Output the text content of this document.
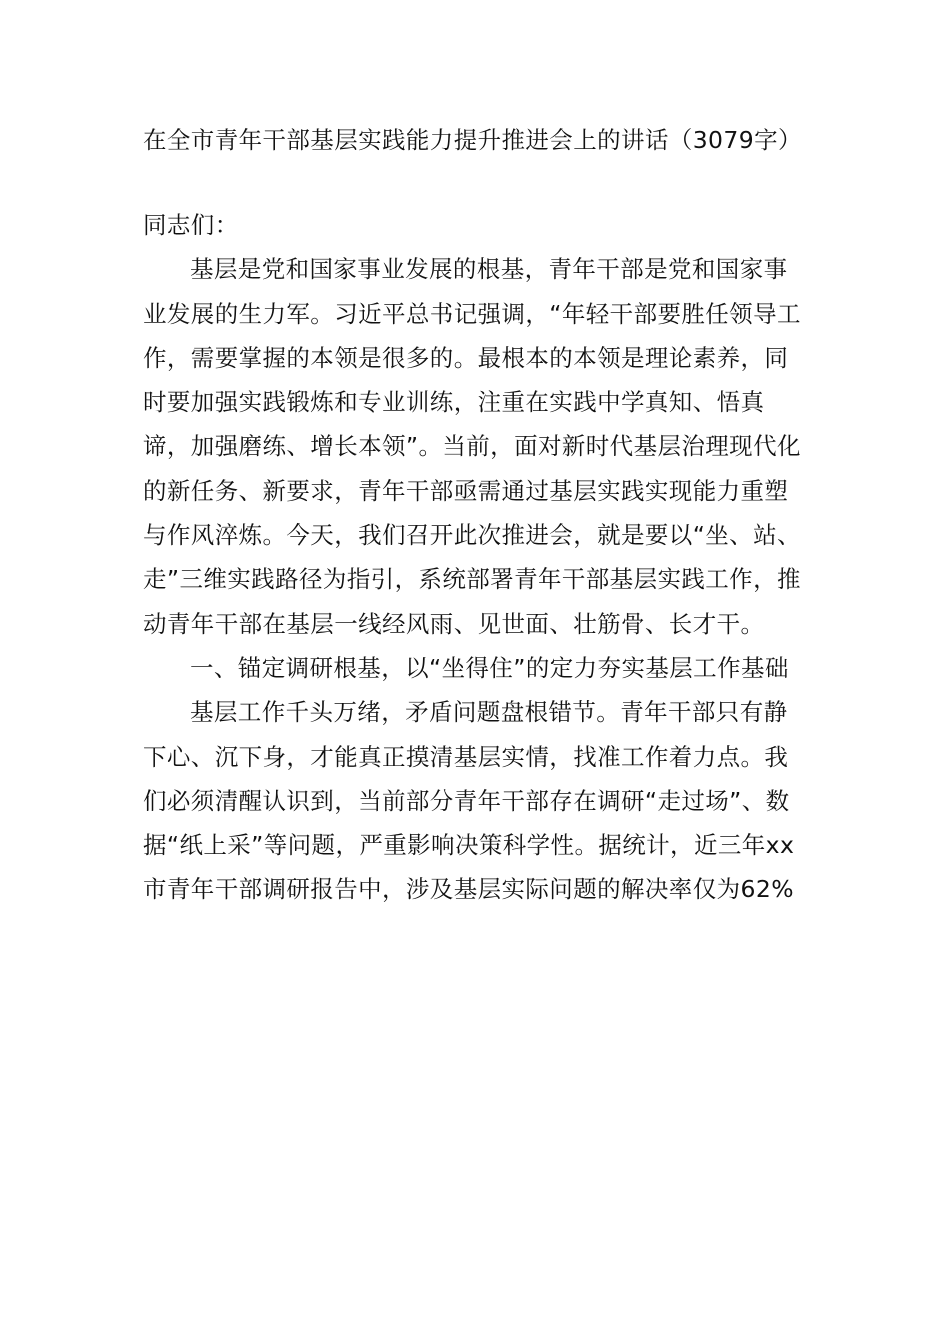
在全市青年干部基层实践能力提升推进会上的讲话（3079字）

同志们：

基层是党和国家事业发展的根基，青年干部是党和国家事业发展的生力军。习近平总书记强调，“年轻干部要胜任领导工作，需要掌握的本领是很多的。最根本的本领是理论素养，同时要加强实践锻炼和专业训练，注重在实践中学真知、悟真谛，加强磨练、增长本领”。当前，面对新时代基层治理现代化的新任务、新要求，青年干部亟需通过基层实践实现能力重塑与作风淬炼。今天，我们召开此次推进会，就是要以“坐、站、走”三维实践路径为指引，系统部署青年干部基层实践工作，推动青年干部在基层一线经风雨、见世面、壮筋骨、长才干。

一、锚定调研根基，以“坐得住”的定力夯实基层工作基础

基层工作千头万绪，矛盾问题盘根错节。青年干部只有静下心、沉下身，才能真正摸清基层实情，找准工作着力点。我们必须清醒认识到，当前部分青年干部存在调研“走过场”、数据“纸上采”等问题，严重影响决策科学性。据统计，近三年xx市青年干部调研报告中，涉及基层实际问题的解决率仅为62%
